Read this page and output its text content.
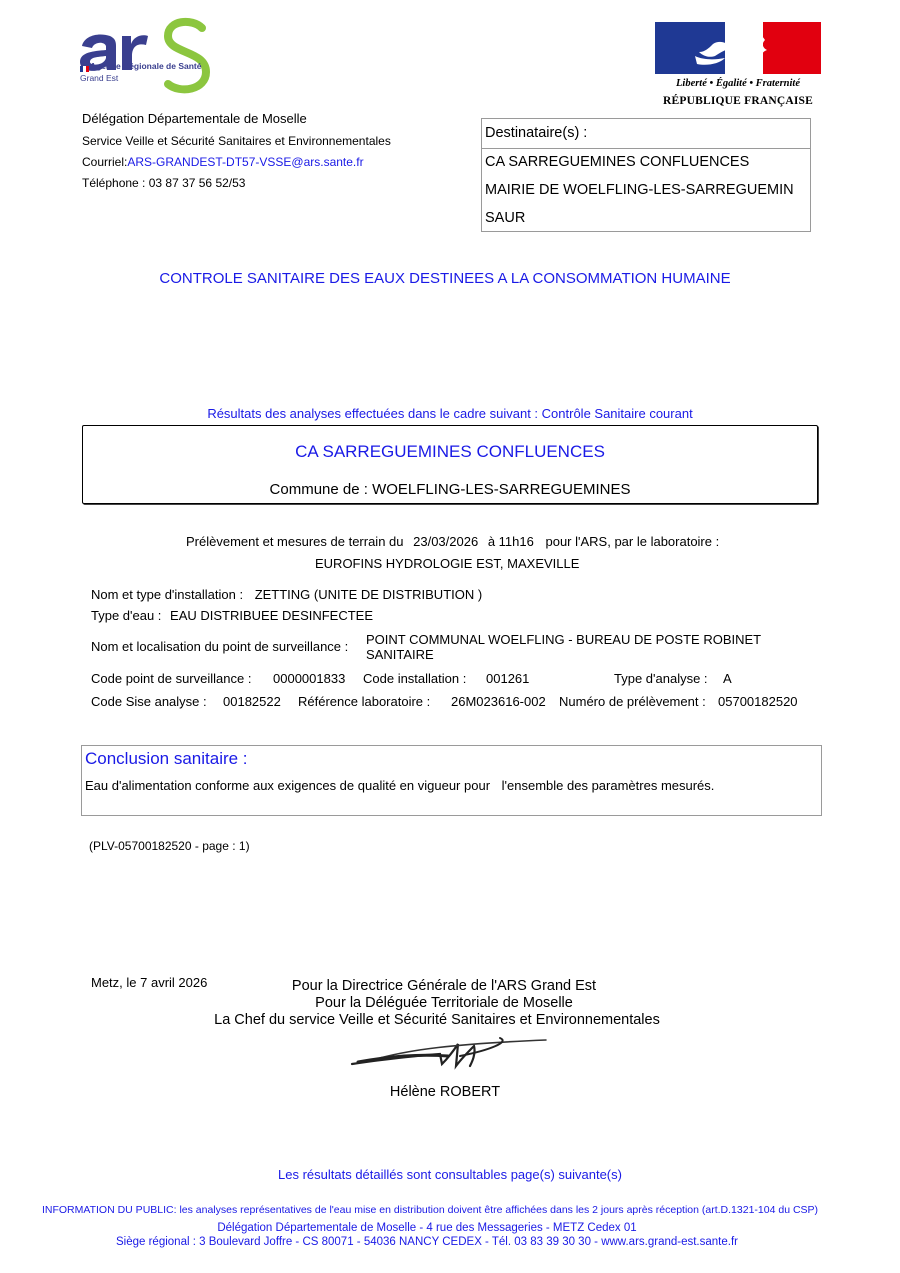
Agence Régionale de Santé
Grand Est	Liberté • Égalité • Fraternité
RÉPUBLIQUE FRANÇAISE
Délégation Départementale de Moselle
Service Veille et Sécurité Sanitaires et Environnementales
Courriel:ARS-GRANDEST-DT57-VSSE@ars.sante.fr
Téléphone : 03 87 37 56 52/53
Destinataire(s) :
CA SARREGUEMINES CONFLUENCES
MAIRIE DE WOELFLING-LES-SARREGUEMIN
SAUR
CONTROLE SANITAIRE DES EAUX DESTINEES A LA CONSOMMATION HUMAINE
Résultats des analyses effectuées dans le cadre suivant : Contrôle Sanitaire courant
CA SARREGUEMINES CONFLUENCES
Commune de : WOELFLING-LES-SARREGUEMINES
Prélèvement et mesures de terrain du 23/03/2026 à 11h16 pour l'ARS, par le laboratoire :
EUROFINS HYDROLOGIE EST, MAXEVILLE
Nom et type d'installation : ZETTING (UNITE DE DISTRIBUTION )
Type d'eau : EAU DISTRIBUEE DESINFECTEE
Nom et localisation du point de surveillance :	POINT COMMUNAL WOELFLING - BUREAU DE POSTE ROBINET
SANITAIRE
Code point de surveillance : 0000001833 Code installation : 001261	Type d'analyse : A
Code Sise analyse : 00182522 Référence laboratoire : 26M023616-002 Numéro de prélèvement : 05700182520
Conclusion sanitaire :
Eau d'alimentation conforme aux exigences de qualité en vigueur pour l'ensemble des paramètres mesurés.
(PLV-05700182520 - page : 1)
Metz, le 7 avril 2026	Pour la Directrice Générale de l'ARS Grand Est
Pour la Déléguée Territoriale de Moselle
La Chef du service Veille et Sécurité Sanitaires et Environnementales
Hélène ROBERT
Les résultats détaillés sont consultables page(s) suivante(s)
INFORMATION DU PUBLIC: les analyses représentatives de l'eau mise en distribution doivent être affichées dans les 2 jours après réception (art.D.1321-104 du CSP)
Délégation Départementale de Moselle - 4 rue des Messageries - METZ Cedex 01
Siège régional : 3 Boulevard Joffre - CS 80071 - 54036 NANCY CEDEX - Tél. 03 83 39 30 30 - www.ars.grand-est.sante.fr
